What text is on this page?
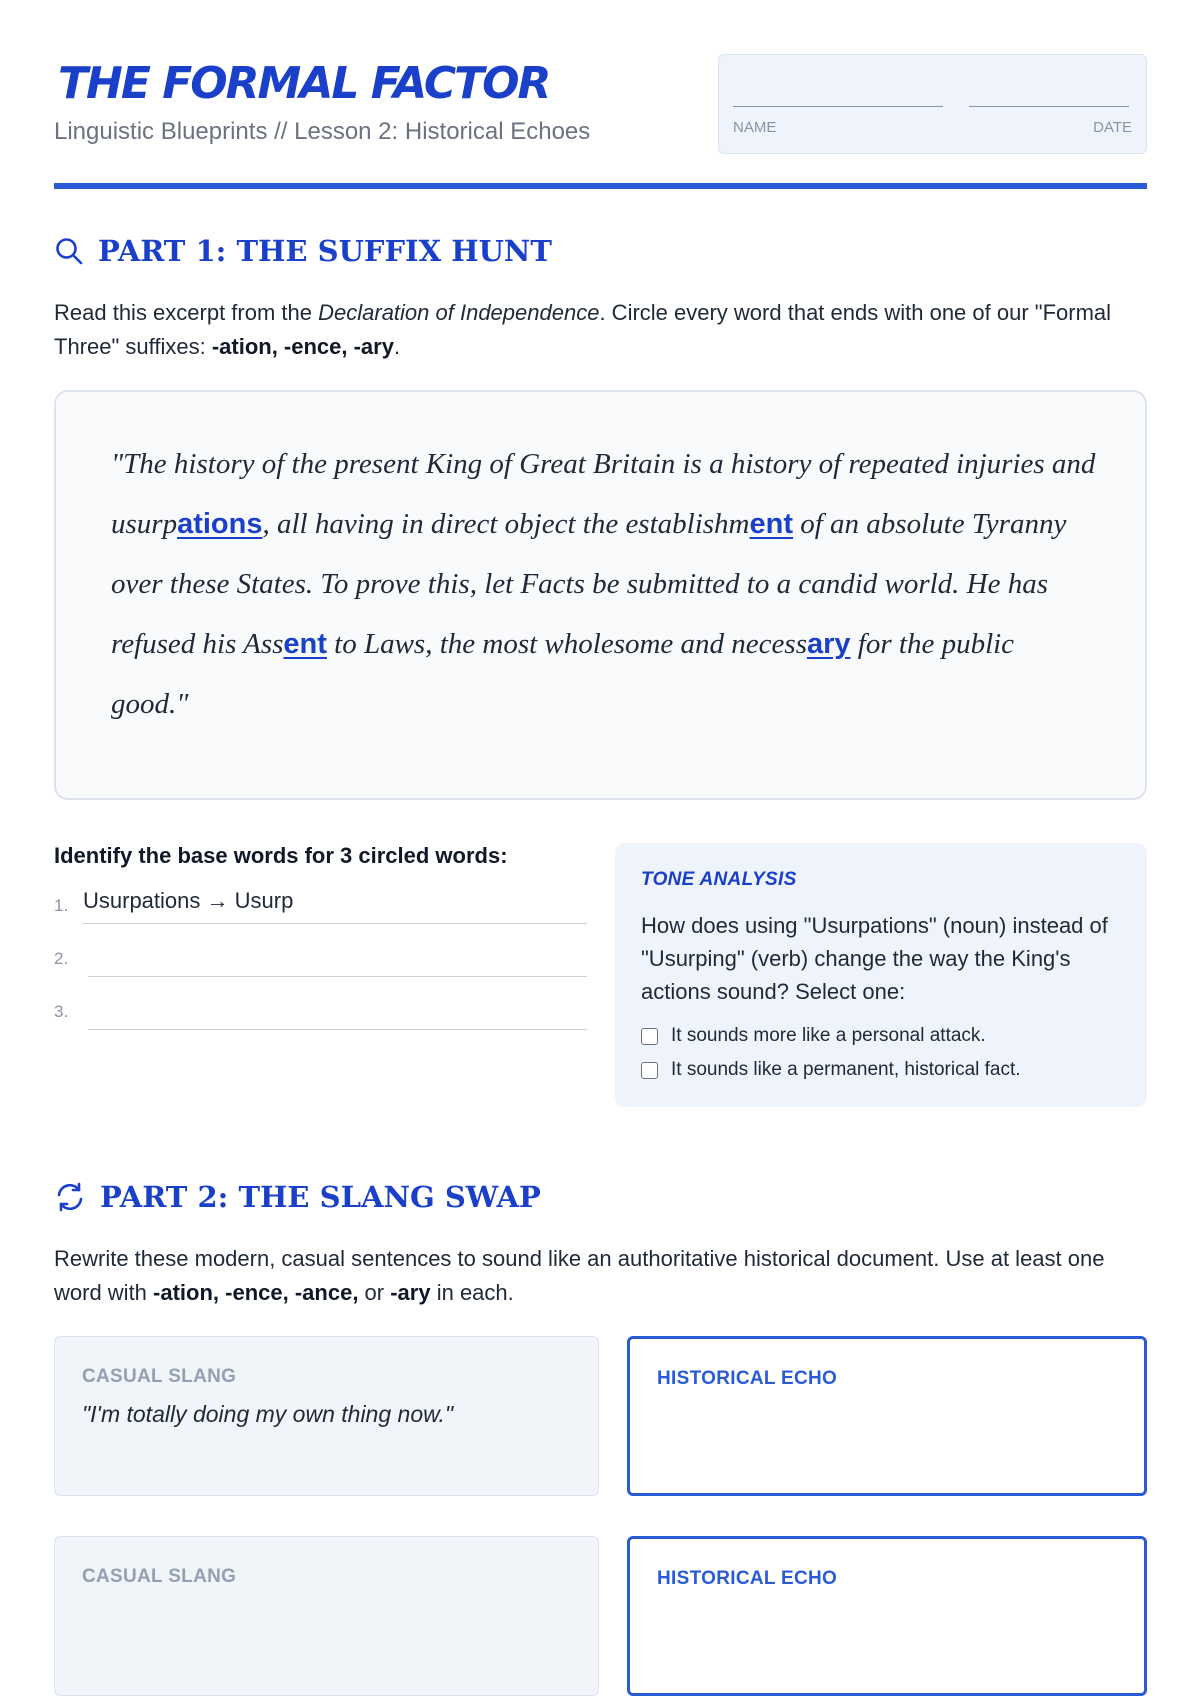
THE FORMAL FACTOR
Linguistic Blueprints // Lesson 2: Historical Echoes	NAME	DATE
PART 1: THE SUFFIX HUNT
Read this excerpt from the Declaration of Independence. Circle every word that ends with one of our "Formal Three" suffixes: -ation, -ence, -ary.
"The history of the present King of Great Britain is a history of repeated injuries and usurpations, all having in direct object the establishment of an absolute Tyranny over these States. To prove this, let Facts be submitted to a candid world. He has refused his Assent to Laws, the most wholesome and necessary for the public good."
Identify the base words for 3 circled words:
1. Usurpations → Usurp
2.
3.
TONE ANALYSIS
How does using "Usurpations" (noun) instead of "Usurping" (verb) change the way the King's actions sound? Select one:
It sounds more like a personal attack.
It sounds like a permanent, historical fact.
PART 2: THE SLANG SWAP
Rewrite these modern, casual sentences to sound like an authoritative historical document. Use at least one word with -ation, -ence, -ance, or -ary in each.
CASUAL SLANG
"I'm totally doing my own thing now."
HISTORICAL ECHO
CASUAL SLANG	HISTORICAL ECHO
